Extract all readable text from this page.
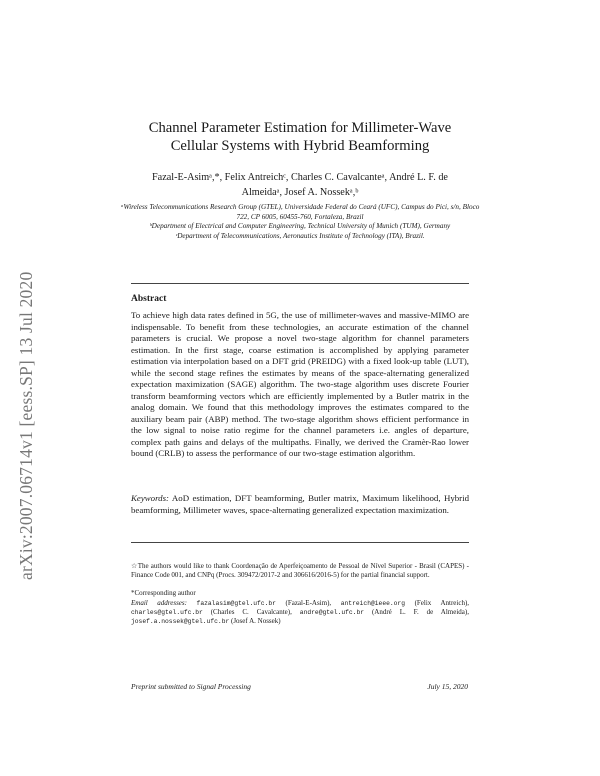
arXiv:2007.06714v1 [eess.SP] 13 Jul 2020
Channel Parameter Estimation for Millimeter-Wave
Cellular Systems with Hybrid Beamforming
Fazal-E-Asimᵃ,*, Felix Antreichᶜ, Charles C. Cavalcanteᵃ, André L. F. de
Almeidaᵃ, Josef A. Nossekᵃ,ᵇ

ᵃWireless Telecommunications Research Group (GTEL), Universidade Federal do Ceará (UFC), Campus do Pici, s/n, Bloco 722, CP 6005, 60455-760, Fortaleza, Brazil

ᵇDepartment of Electrical and Computer Engineering, Technical University of Munich (TUM), Germany

ᶜDepartment of Telecommunications, Aeronautics Institute of Technology (ITA), Brazil.

Abstract

To achieve high data rates defined in 5G, the use of millimeter-waves and massive-MIMO are indispensable. To benefit from these technologies, an accurate estimation of the channel parameters is crucial. We propose a novel two-stage algorithm for channel parameters estimation. In the first stage, coarse estimation is accomplished by applying parameter estimation via interpolation based on a DFT grid (PREIDG) with a fixed look-up table (LUT), while the second stage refines the estimates by means of the space-alternating generalized expectation maximization (SAGE) algorithm. The two-stage algorithm uses discrete Fourier transform beamforming vectors which are efficiently implemented by a Butler matrix in the analog domain. We found that this methodology improves the estimates compared to the auxiliary beam pair (ABP) method. The two-stage algorithm shows efficient performance in the low signal to noise ratio regime for the channel parameters i.e. angles of departure, complex path gains and delays of the multipaths. Finally, we derived the Cramèr-Rao lower bound (CRLB) to assess the performance of our two-stage estimation algorithm.

Keywords: AoD estimation, DFT beamforming, Butler matrix, Maximum likelihood, Hybrid beamforming, Millimeter waves, space-alternating generalized expectation maximization.

☆The authors would like to thank Coordenação de Aperfeiçoamento de Pessoal de Nível Superior - Brasil (CAPES) - Finance Code 001, and CNPq (Procs. 309472/2017-2 and 306616/2016-5) for the partial financial support.

*Corresponding author

Email addresses: fazalasim@gtel.ufc.br (Fazal-E-Asim), antreich@ieee.org (Felix Antreich), charles@gtel.ufc.br (Charles C. Cavalcante), andre@gtel.ufc.br (André L. F. de Almeida), josef.a.nossek@gtel.ufc.br (Josef A. Nossek)

Preprint submitted to Signal Processing	July 15, 2020
